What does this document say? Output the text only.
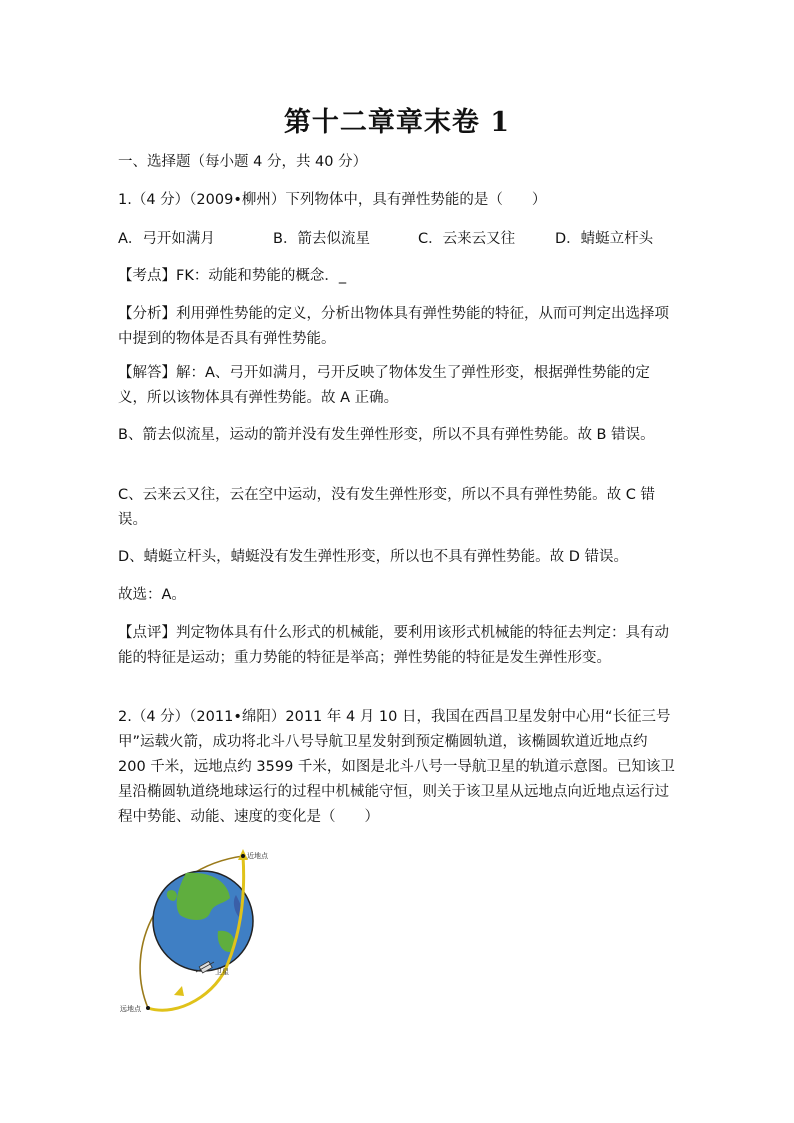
第十二章章末卷 1

一、选择题（每小题 4 分，共 40 分）

1.（4 分）（2009•柳州）下列物体中，具有弹性势能的是（　　）

A．弓开如满月	B．箭去似流星	C．云来云又往	D．蜻蜓立杆头

【考点】FK：动能和势能的概念．_

【分析】利用弹性势能的定义，分析出物体具有弹性势能的特征，从而可判定出选择项中提到的物体是否具有弹性势能。

【解答】解：A、弓开如满月，弓开反映了物体发生了弹性形变，根据弹性势能的定义，所以该物体具有弹性势能。故 A 正确。

B、箭去似流星，运动的箭并没有发生弹性形变，所以不具有弹性势能。故 B 错误。

C、云来云又往，云在空中运动，没有发生弹性形变，所以不具有弹性势能。故 C 错误。

D、蜻蜓立杆头，蜻蜓没有发生弹性形变，所以也不具有弹性势能。故 D 错误。

故选：A。

【点评】判定物体具有什么形式的机械能，要利用该形式机械能的特征去判定：具有动能的特征是运动；重力势能的特征是举高；弹性势能的特征是发生弹性形变。

2.（4 分）（2011•绵阳）2011 年 4 月 10 日，我国在西昌卫星发射中心用“长征三号甲”运载火箭，成功将北斗八号导航卫星发射到预定椭圆轨道，该椭圆软道近地点约 200 千米，远地点约 3599 千米，如图是北斗八号一导航卫星的轨道示意图。已知该卫星沿椭圆轨道绕地球运行的过程中机械能守恒，则关于该卫星从远地点向近地点运行过程中势能、动能、速度的变化是（　　）

近地点
卫星
远地点
